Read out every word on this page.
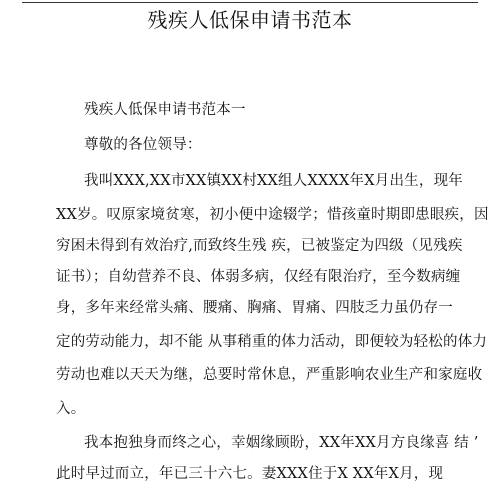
残疾人低保申请书范本
残疾人低保申请书范本一
尊敬的各位领导：
我叫XXX,XX市XX镇XX村XX组人XXXX年X月出生，现年
XX岁。叹原家境贫寒，初小便中途辍学；惜孩童时期即患眼疾，因
穷困未得到有效治疗,而致终生残 疾，已被鉴定为四级（见残疾
证书）；自幼营养不良、体弱多病，仅经有限治疗，至今数病缠
身，多年来经常头痛、腰痛、胸痛、胃痛、四肢乏力虽仍存一
定的劳动能力，却不能 从事稍重的体力活动，即便较为轻松的体力
劳动也难以天天为继，总要时常休息，严重影响农业生产和家庭收
入。
我本抱独身而终之心，幸姻缘顾盼，XX年XX月方良缘喜 结 ’
此时早过而立，年已三十六七。妻XXX住于X XX年X月，现
